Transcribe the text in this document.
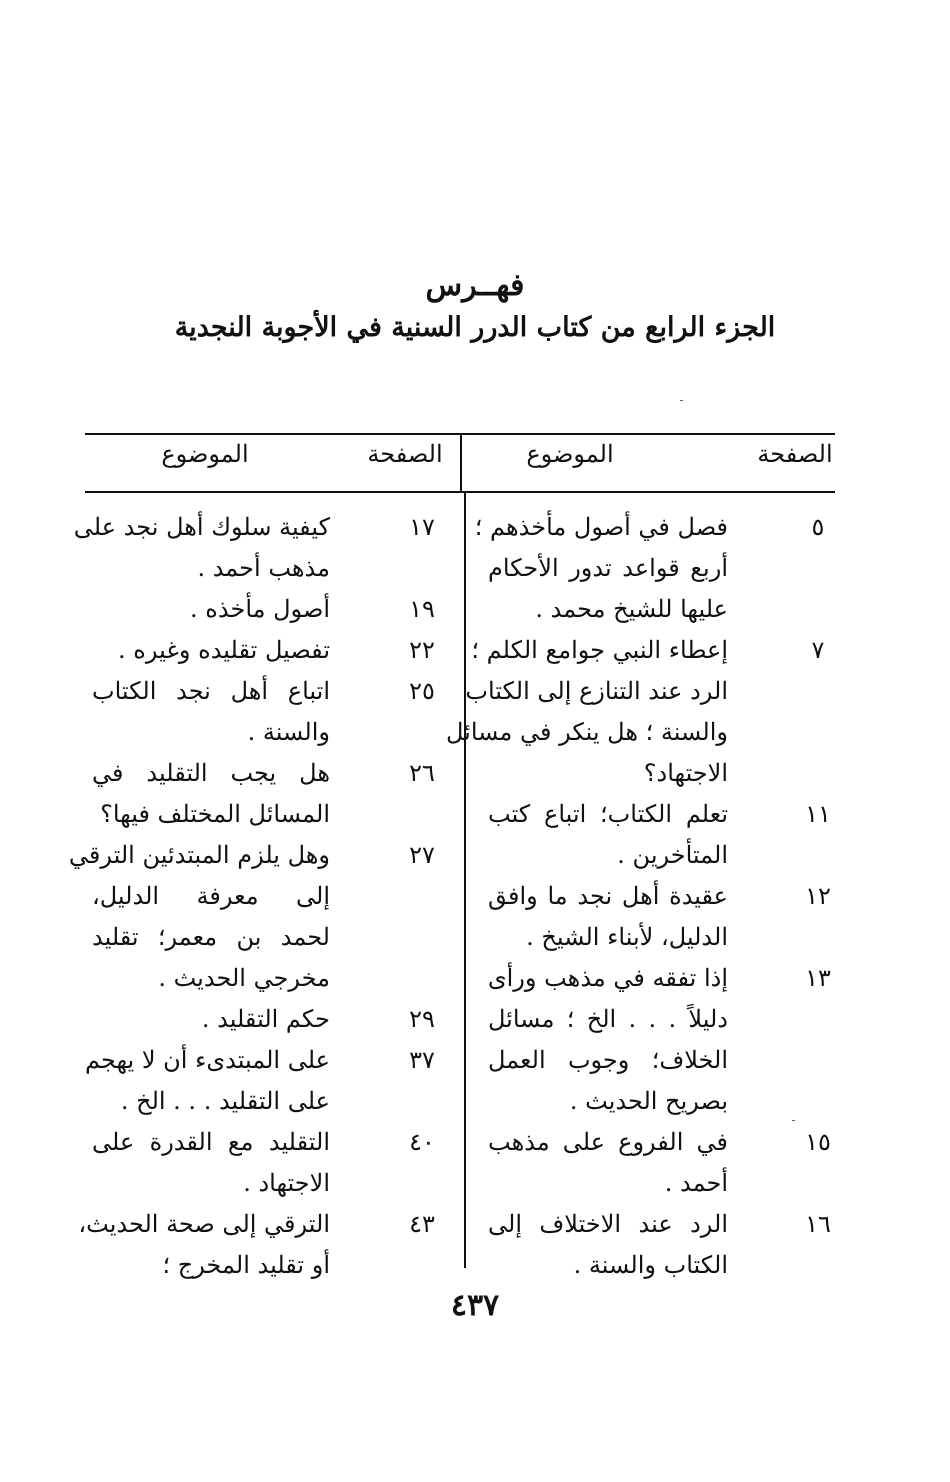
فهــرس
الجزء الرابع من كتاب الدرر السنية في الأجوبة النجدية
الصفحة
الموضوع
الصفحة
الموضوع
٥
فصل في أصول مأخذهم ؛
أربع قواعد تدور الأحكام
عليها للشيخ محمد .
٧
إعطاء النبي جوامع الكلم ؛
الرد عند التنازع إلى الكتاب
والسنة ؛ هل ينكر في مسائل
الاجتهاد؟
١١
تعلم الكتاب؛ اتباع كتب
المتأخرين .
١٢
عقيدة أهل نجد ما وافق
الدليل، لأبناء الشيخ .
١٣
إذا تفقه في مذهب ورأى
دليلاً . . . الخ ؛ مسائل
الخلاف؛ وجوب العمل
بصريح الحديث .
١٥
في الفروع على مذهب
أحمد .
١٦
الرد عند الاختلاف إلى
الكتاب والسنة .
١٧
كيفية سلوك أهل نجد على
مذهب أحمد .
١٩
أصول مأخذه .
٢٢
تفصيل تقليده وغيره .
٢٥
اتباع أهل نجد الكتاب
والسنة .
٢٦
هل يجب التقليد في
المسائل المختلف فيها؟
٢٧
وهل يلزم المبتدئين الترقي
إلى معرفة الدليل،
لحمد بن معمر؛ تقليد
مخرجي الحديث .
٢٩
حكم التقليد .
٣٧
على المبتدىء أن لا يهجم
على التقليد . . . الخ .
٤٠
التقليد مع القدرة على
الاجتهاد .
٤٣
الترقي إلى صحة الحديث،
أو تقليد المخرج ؛
٤٣٧
